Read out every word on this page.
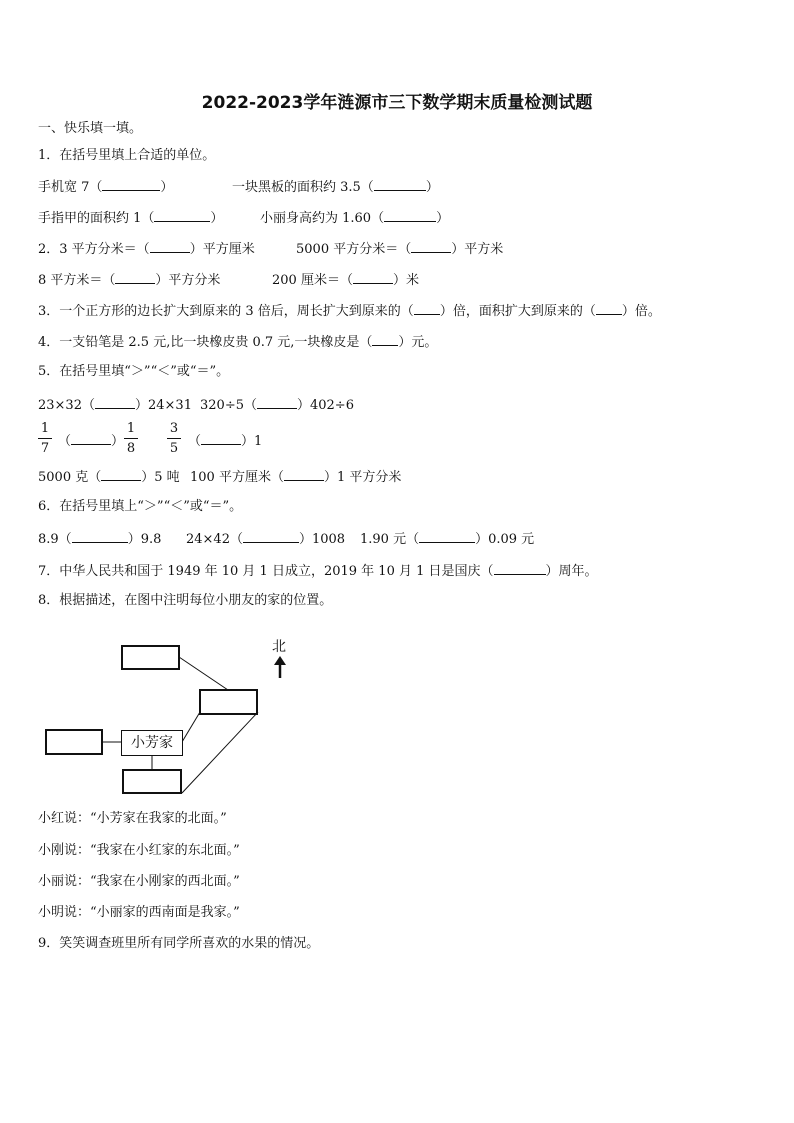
2022-2023学年涟源市三下数学期末质量检测试题
一、快乐填一填。
1．在括号里填上合适的单位。
手机宽 7（	）	一块黑板的面积约 3.5（	）
手指甲的面积约 1（	）	小丽身高约为 1.60（	）
2．3 平方分米＝（	）平方厘米	5000 平方分米＝（	）平方米
8 平方米＝（	）平方分米	200 厘米＝（	）米
3．一个正方形的边长扩大到原来的 3 倍后，周长扩大到原来的（ ）倍，面积扩大到原来的（ ）倍。
4．一支铅笔是 2.5 元,比一块橡皮贵 0.7 元,一块橡皮是（ ）元。
5．在括号里填“＞”“＜”或“＝”。
23×32（	）24×31 320÷5（	）402÷6
$\frac{1}{7}$ （	） $\frac{1}{8} \frac{3}{5}$ （	）1
5000 克（	）5 吨 100 平方厘米（	）1 平方分米
6．在括号里填上“＞”“＜”或“＝”。
8.9（	）9.8 24×42（	）1008 1.90 元（	）0.09 元
7．中华人民共和国于 1949 年 10 月 1 日成立，2019 年 10 月 1 日是国庆（	）周年。
8．根据描述，在图中注明每位小朋友的家的位置。
北
小芳家
小红说：“小芳家在我家的北面。”
小刚说：“我家在小红家的东北面。”
小丽说：“我家在小刚家的西北面。”
小明说：“小丽家的西南面是我家。”
9．笑笑调查班里所有同学所喜欢的水果的情况。
